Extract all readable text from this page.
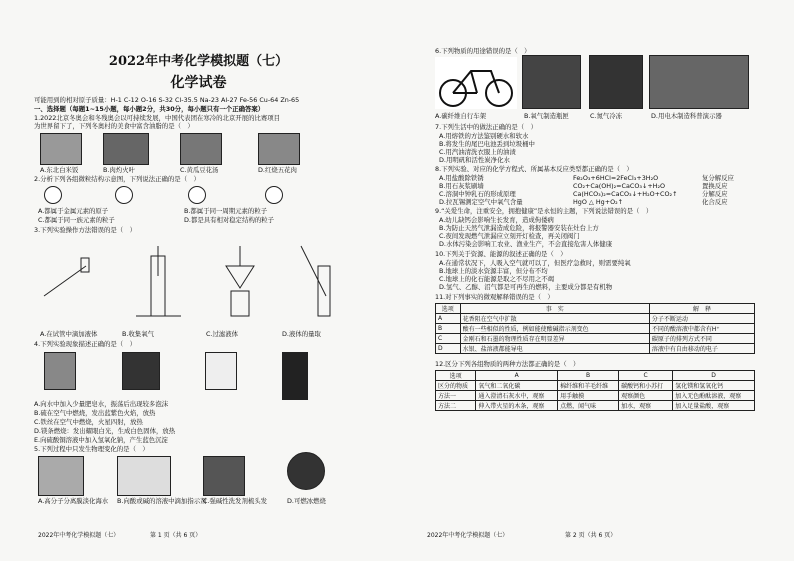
2022年中考化学模拟题（七）
化学试卷
可能用到的相对原子质量：H-1 C-12 O-16 S-32 Cl-35.5 Na-23 Al-27 Fe-56 Cu-64 Zn-65
一、选择题（每题1~15小题，每小题2分，共30分，每小题只有一个正确答案）
1.2022北京冬奥会和冬残奥会以可持续发展，中国代表团在寒冷的北京开展的比赛项目
为世界留下了，下列冬奥村的美食中富含油脂的是（　）
A.东北白米饭	B.肉灼火叶	C.黄瓜豆花汤	D.红烧五花肉
2.分析下列各组微粒结构示意图，下列说法正确的是（　）
A.都属于金属元素的原子	B.都属于同一周期元素的粒子
C.都属于同一族元素的粒子	D.都是具有相对稳定结构的粒子
3.下列实验操作方法错误的是（　）
A.在试管中滴加液体	B.收集氧气	C.过滤液体	D.液体的量取
4.下列实验现象描述正确的是（　）
A.向水中加入少量肥皂水，振荡后出现较多泡沫
B.硫在空气中燃烧，发出蓝紫色火焰，放热
C.铁丝在空气中燃烧，火星四射，放热
D.镁条燃烧：发出耀眼白光，生成白色固体，放热
E.向硫酸铜溶液中加入氢氧化钠，产生蓝色沉淀
5.下列过程中只发生物理变化的是（　）
A.高分子分离膜淡化海水 B.向酸或碱的溶液中滴加指示剂
C.强碱性洗发剂梳头发	D.可燃冰燃烧
2022年中考化学模拟题（七）	第 1 页（共 6 页）
6.下列物质的用途错误的是（　）
A.碳纤维自行车架	B.氧气制造瓶匣	C.氮气冷冻	D.用电木制造科普演示器
7.下列生活中的做法正确的是（　）
A.用熔铁的方法鉴别硬水和软水
B.将发生的尾巴电池丢到垃圾桶中
C.用汽油清洗衣服上的油渍
D.用明矾和活性炭净化水
8.下列实验、对应的化学方程式、所属基本反应类型都正确的是（　）
A.用盐酸除铁锈	Fe₂O₃+6HCl=2FeCl₃+3H₂O	复分解反应
B.用石灰浆刷墙	CO₂+Ca(OH)₂=CaCO₃↓+H₂O	置换反应
C.溶洞中钟乳石的形成原理	Ca(HCO₃)₂=CaCO₃↓+H₂O+CO₂↑	分解反应
D.拉瓦锡测定空气中氧气含量	HgO △ Hg+O₂↑	化合反应
9.“关爱生命，注重安全，拥抱健康”是永恒的主题，下列说法错误的是（　）
A.幼儿缺钙会影响生长发育，造成佝偻病
B.为防止天然气泄漏造成危险，将报警器安装在灶台上方
C.夜间发现燃气泄漏应立刻开灯检查，再关闭阀门
D.水体污染会影响工农业、渔业生产，不会直接危害人体健康
10.下列关于资源、能源的叙述正确的是（　）
A.在通常状况下，人吸入空气就可以了，但医疗急救时，则需要纯氧
B.地球上的淡水资源丰富，但分布不均
C.地球上的化石能源是取之不尽用之不竭
D.氢气、乙醇、沼气都是可再生的燃料，主要成分都是有机物
11.对下列事实的微观解释错误的是（　）
选项	事　实	解　释
A	花香阻在空气中扩散	分子不断运动
B	酸有一些相似的性质，例如能使酸碱指示剂变色	不同的酸溶液中都含有H⁺
C	金刚石和石墨的物理性质存在明显差异	碳原子的排列方式不同
D	水银、盐溶液都能导电	溶液中有自由移动的电子
12.区分下列各组物质的两种方法都正确的是（　）
选项	A	B	C	D
区分的物质	氧气和二氧化碳	棉纤维和羊毛纤维	碳酸钙和小苏打	氢化镁和氢氧化钙
方法一	通入澄清石灰水中，观察	用手触摸	观察颜色	加入无色酚酞溶液，观察
方法二	伸入带火星的木条，观察	点燃，闻气味	加水，观察	加入足量盐酸，观察
2022年中考化学模拟题（七）	第 2 页（共 6 页）
